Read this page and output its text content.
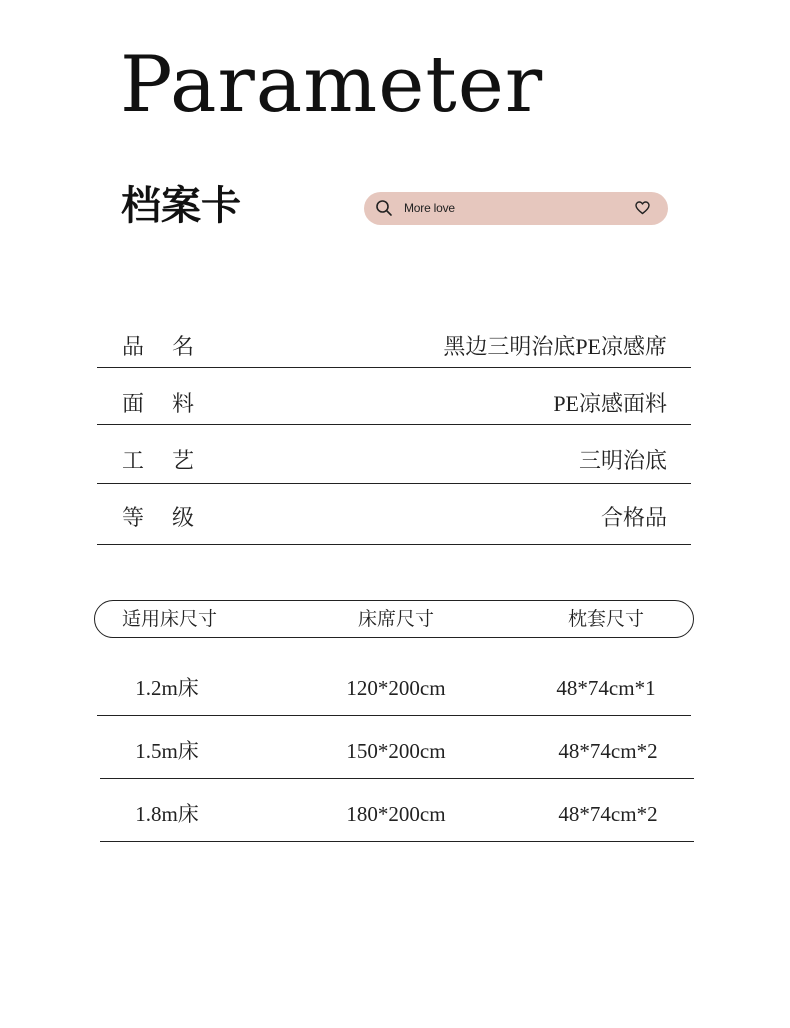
Parameter
档案卡	More love
品名	黑边三明治底PE凉感席
面料	PE凉感面料
工艺	三明治底
等级	合格品
适用床尺寸	床席尺寸	枕套尺寸
1.2m床	120*200cm	48*74cm*1
1.5m床	150*200cm	48*74cm*2
1.8m床	180*200cm	48*74cm*2
